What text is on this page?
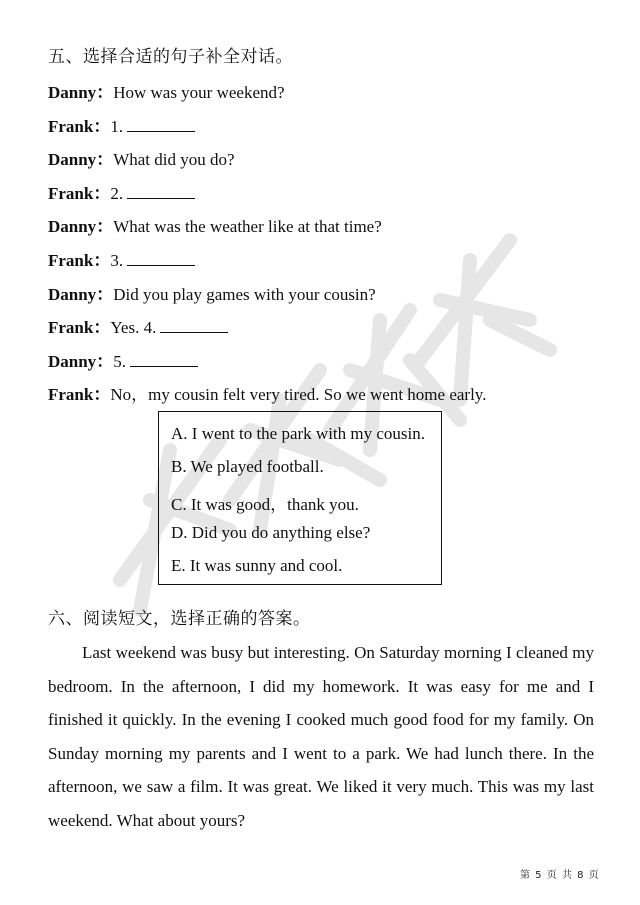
五、选择合适的句子补全对话。
Danny：How was your weekend?
Frank：1.
Danny：What did you do?
Frank：2.
Danny：What was the weather like at that time?
Frank：3.
Danny：Did you play games with your cousin?
Frank：Yes. 4.
Danny：5.
Frank：No，my cousin felt very tired. So we went home early.
A. I went to the park with my cousin.
B. We played football.
C. It was good，thank you.
D. Did you do anything else?
E. It was sunny and cool.
六、阅读短文，选择正确的答案。

Last weekend was busy but interesting. On Saturday morning I cleaned my bedroom. In the afternoon, I did my homework. It was easy for me and I finished it quickly. In the evening I cooked much good food for my family. On Sunday morning my parents and I went to a park. We had lunch there. In the afternoon, we saw a film. It was great. We liked it very much. This was my last weekend. What about yours?

第 5 页 共 8 页
